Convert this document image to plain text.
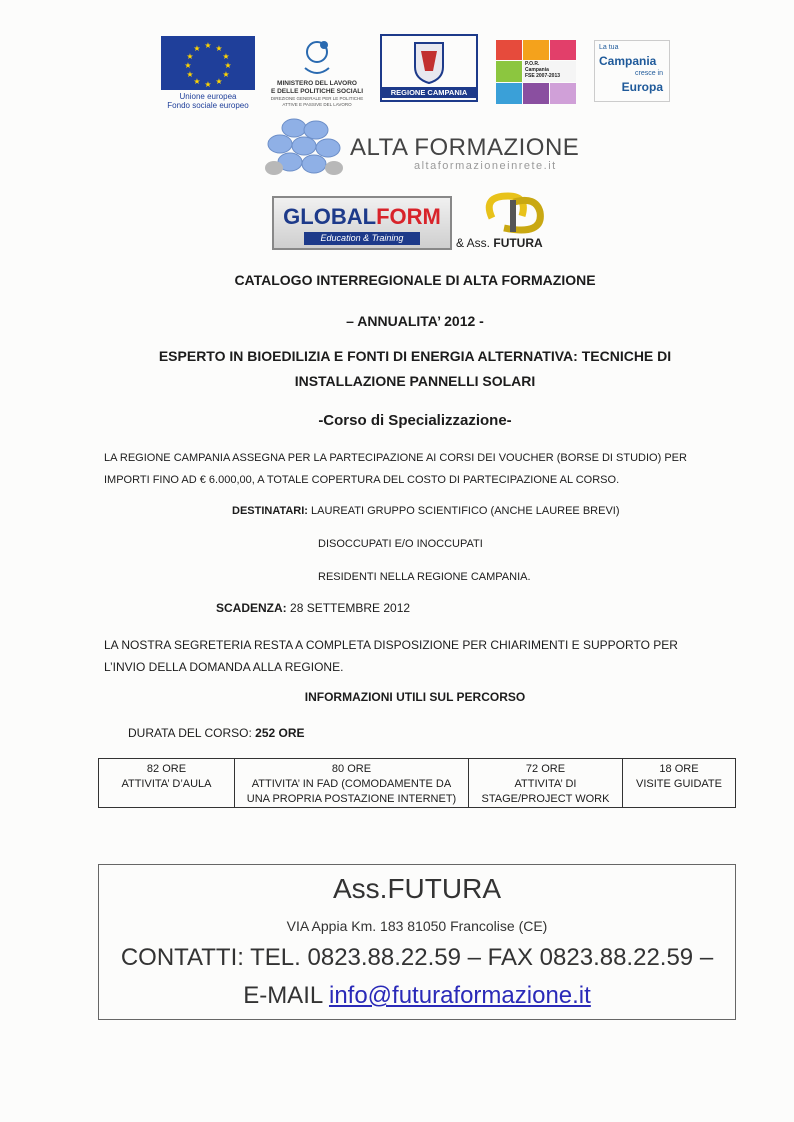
★ ★
★
★
★
★
★
★
★
★
★
★
Unione europea
Fondo sociale europeo
MINISTERO DEL LAVORO
E DELLE POLITICHE SOCIALI
DIREZIONE GENERALE PER LE POLITICHE
ATTIVE E PASSIVE DEL LAVORO
REGIONE CAMPANIA
P.O.R.
Campania
FSE 2007-2013
La tua
Campania
cresce in
Europa
ALTA FORMAZIONE
altaformazioneinrete.it
GLOBALFORM
Education & Training	& Ass. FUTURA
CATALOGO INTERREGIONALE DI ALTA FORMAZIONE
– ANNUALITA’ 2012 -
ESPERTO IN BIOEDILIZIA E FONTI DI ENERGIA ALTERNATIVA: TECNICHE DI
INSTALLAZIONE PANNELLI SOLARI
-Corso di Specializzazione-
LA REGIONE CAMPANIA ASSEGNA PER LA PARTECIPAZIONE AI CORSI DEI VOUCHER (BORSE DI STUDIO) PER
IMPORTI FINO AD € 6.000,00, A TOTALE COPERTURA DEL COSTO DI PARTECIPAZIONE AL CORSO.
DESTINATARI: LAUREATI GRUPPO SCIENTIFICO (ANCHE LAUREE BREVI)
DISOCCUPATI E/O INOCCUPATI
RESIDENTI NELLA REGIONE CAMPANIA.
SCADENZA: 28 SETTEMBRE 2012
LA NOSTRA SEGRETERIA RESTA A COMPLETA DISPOSIZIONE PER CHIARIMENTI E SUPPORTO PER
L’INVIO DELLA DOMANDA ALLA REGIONE.
INFORMAZIONI UTILI SUL PERCORSO
DURATA DEL CORSO: 252 ORE
82 ORE
ATTIVITA’ D’AULA
80 ORE
ATTIVITA’ IN FAD (COMODAMENTE DA
UNA PROPRIA POSTAZIONE INTERNET)
72 ORE
ATTIVITA’ DI
STAGE/PROJECT WORK
18 ORE
VISITE GUIDATE
Ass.FUTURA
VIA Appia Km. 183 81050 Francolise (CE)
CONTATTI: TEL. 0823.88.22.59 – FAX 0823.88.22.59 –
E-MAIL info@futuraformazione.it
